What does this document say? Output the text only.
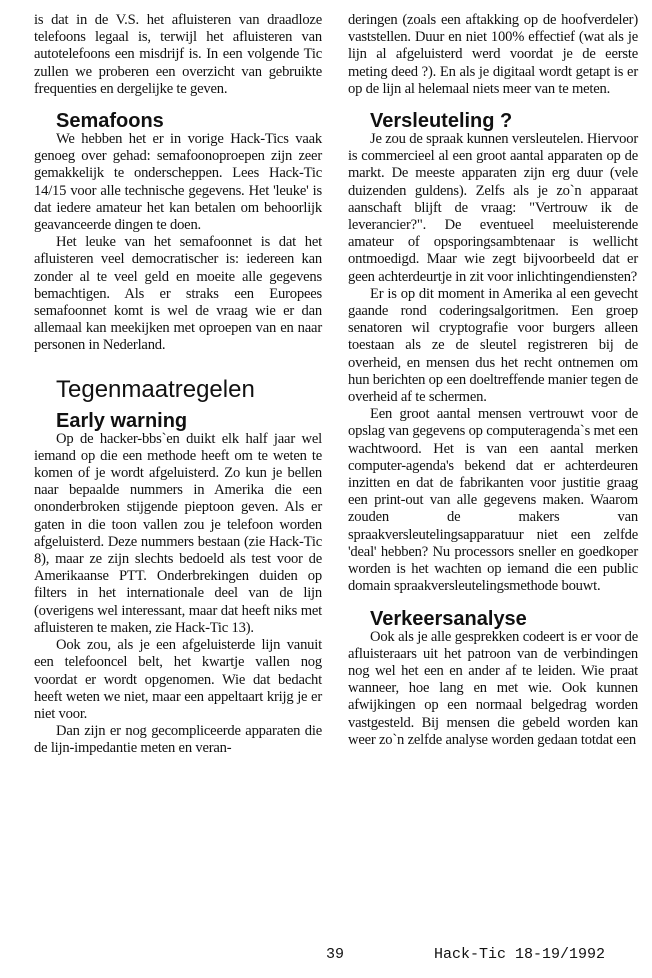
is dat in de V.S. het afluisteren van draadloze telefoons legaal is, terwijl het afluisteren van autotelefoons een misdrijf is. In een volgende Tic zullen we proberen een overzicht van gebruikte frequenties en dergelijke te geven.

Semafoons

We hebben het er in vorige Hack-Tics vaak genoeg over gehad: semafoonoproepen zijn zeer gemakkelijk te onderscheppen. Lees Hack-Tic 14/15 voor alle technische gegevens. Het 'leuke' is dat iedere amateur het kan betalen om behoorlijk geavanceerde dingen te doen.

Het leuke van het semafoonnet is dat het afluisteren veel democratischer is: iedereen kan zonder al te veel geld en moeite alle gegevens bemachtigen. Als er straks een Europees semafoonnet komt is wel de vraag wie er dan allemaal kan meekijken met oproepen van en naar personen in Nederland.

Tegenmaatregelen
Early warning

Op de hacker-bbs`en duikt elk half jaar wel iemand op die een methode heeft om te weten te komen of je wordt afgeluisterd. Zo kun je bellen naar bepaalde nummers in Amerika die een ononderbroken stijgende pieptoon geven. Als er gaten in die toon vallen zou je telefoon worden afgeluisterd. Deze nummers bestaan (zie Hack-Tic 8), maar ze zijn slechts bedoeld als test voor de Amerikaanse PTT. Onderbrekingen duiden op filters in het internationale deel van de lijn (overigens wel interessant, maar dat heeft niks met afluisteren te maken, zie Hack-Tic 13).

Ook zou, als je een afgeluisterde lijn vanuit een telefooncel belt, het kwartje vallen nog voordat er wordt opgenomen. Wie dat bedacht heeft weten we niet, maar een appeltaart krijg je er niet voor.

Dan zijn er nog gecompliceerde apparaten die de lijn-impedantie meten en veran-

deringen (zoals een aftakking op de hoofverdeler) vaststellen. Duur en niet 100% effectief (wat als je lijn al afgeluisterd werd voordat je de eerste meting deed ?). En als je digitaal wordt getapt is er op de lijn al helemaal niets meer van te meten.

Versleuteling ?

Je zou de spraak kunnen versleutelen. Hiervoor is commercieel al een groot aantal apparaten op de markt. De meeste apparaten zijn erg duur (vele duizenden guldens). Zelfs als je zo`n apparaat aanschaft blijft de vraag: "Vertrouw ik de leverancier?". De eventueel meeluisterende amateur of opsporingsambtenaar is wellicht ontmoedigd. Maar wie zegt bijvoorbeeld dat er geen achterdeurtje in zit voor inlichtingendiensten?

Er is op dit moment in Amerika al een gevecht gaande rond coderingsalgoritmen. Een groep senatoren wil cryptografie voor burgers alleen toestaan als ze de sleutel registreren bij de overheid, en mensen dus het recht ontnemen om hun berichten op een doeltreffende manier tegen de overheid af te schermen.

Een groot aantal mensen vertrouwt voor de opslag van gegevens op computeragenda`s met een wachtwoord. Het is van een aantal merken computer-agenda's bekend dat er achterdeuren inzitten en dat de fabrikanten voor justitie graag een print-out van alle gegevens maken. Waarom zouden de makers van spraakversleutelingsapparatuur niet een zelfde 'deal' hebben? Nu processors sneller en goedkoper worden is het wachten op iemand die een public domain spraakversleutelingsmethode bouwt.

Verkeersanalyse

Ook als je alle gesprekken codeert is er voor de afluisteraars uit het patroon van de verbindingen nog wel het een en ander af te leiden. Wie praat wanneer, hoe lang en met wie. Ook kunnen afwijkingen op een normaal belgedrag worden vastgesteld. Bij mensen die gebeld worden kan weer zo`n zelfde analyse worden gedaan totdat een

39	Hack-Tic 18-19/1992
